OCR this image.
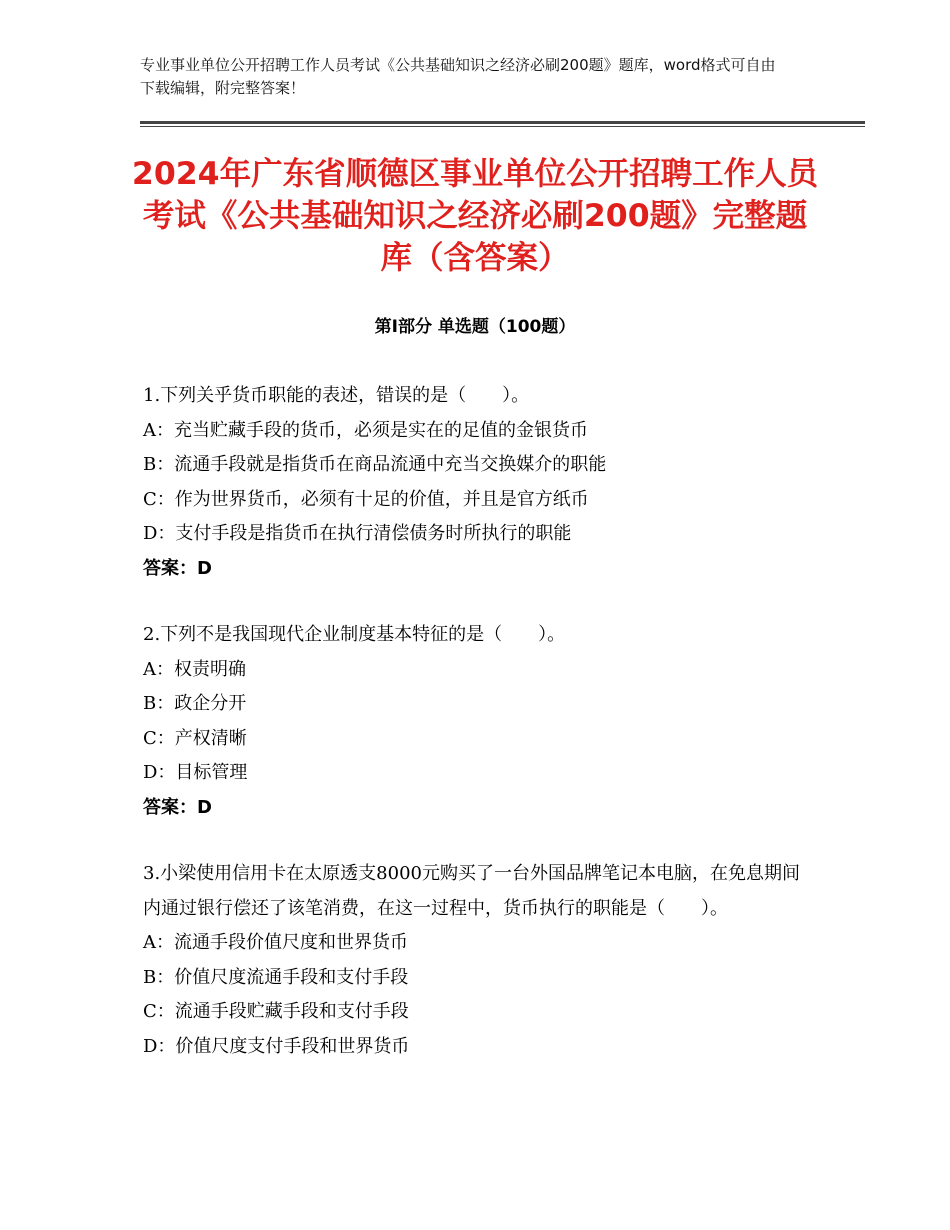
专业事业单位公开招聘工作人员考试《公共基础知识之经济必刷200题》题库，word格式可自由下载编辑，附完整答案！

2024年广东省顺德区事业单位公开招聘工作人员考试《公共基础知识之经济必刷200题》完整题库（含答案）
第Ⅰ部分 单选题（100题）

1.下列关乎货币职能的表述，错误的是（　　）。

A：充当贮藏手段的货币，必须是实在的足值的金银货币

B：流通手段就是指货币在商品流通中充当交换媒介的职能

C：作为世界货币，必须有十足的价值，并且是官方纸币

D：支付手段是指货币在执行清偿债务时所执行的职能

答案：D

2.下列不是我国现代企业制度基本特征的是（　　）。

A：权责明确

B：政企分开

C：产权清晰

D：目标管理

答案：D

3.小梁使用信用卡在太原透支8000元购买了一台外国品牌笔记本电脑，在免息期间内通过银行偿还了该笔消费，在这一过程中，货币执行的职能是（　　）。

A：流通手段价值尺度和世界货币

B：价值尺度流通手段和支付手段

C：流通手段贮藏手段和支付手段

D：价值尺度支付手段和世界货币
